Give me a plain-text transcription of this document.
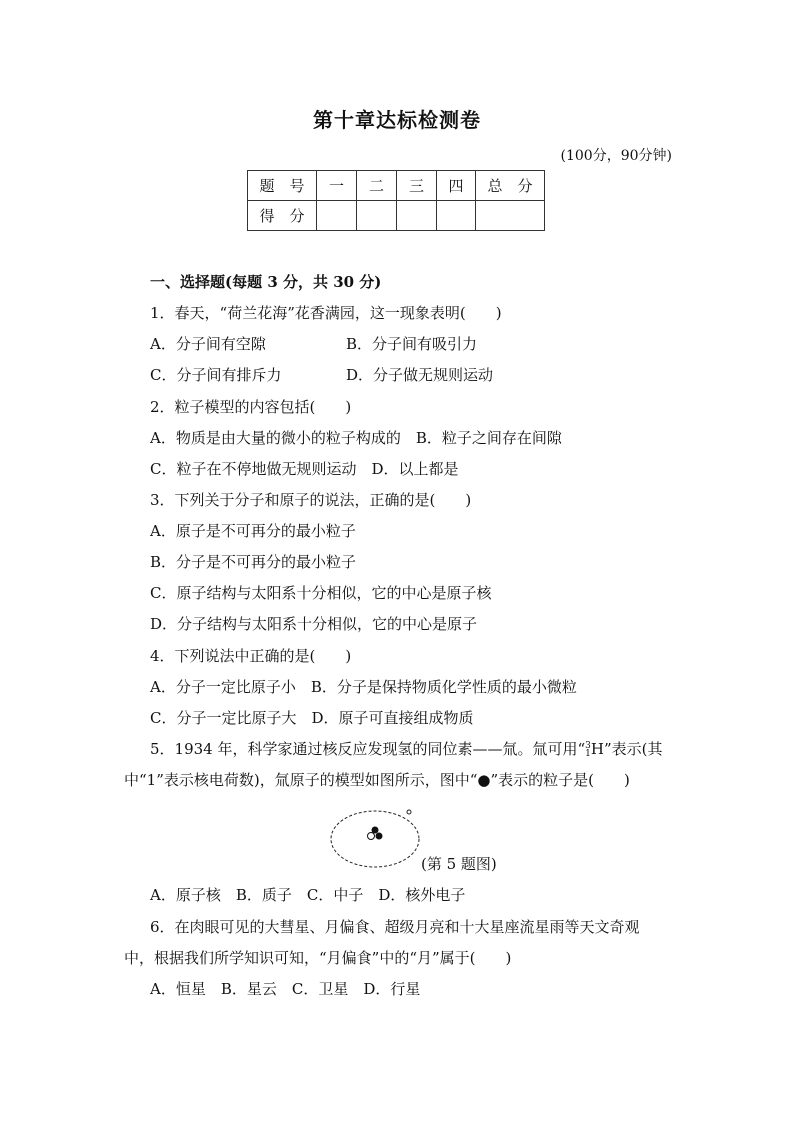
第十章达标检测卷
(100分，90分钟)
题　号	一	二	三	四	总　分
得　分					
一、选择题(每题 3 分，共 30 分)
1．春天，“荷兰花海”花香满园，这一现象表明(　　)
A．分子间有空隙	B．分子间有吸引力
C．分子间有排斥力	D．分子做无规则运动
2．粒子模型的内容包括(　　)
A．物质是由大量的微小的粒子构成的　B．粒子之间存在间隙
C．粒子在不停地做无规则运动　D．以上都是
3．下列关于分子和原子的说法，正确的是(　　)
A．原子是不可再分的最小粒子
B．分子是不可再分的最小粒子
C．原子结构与太阳系十分相似，它的中心是原子核
D．分子结构与太阳系十分相似，它的中心是原子
4．下列说法中正确的是(　　)
A．分子一定比原子小　B．分子是保持物质化学性质的最小微粒
C．分子一定比原子大　D．原子可直接组成物质
5．1934 年，科学家通过核反应发现氢的同位素——氚。氚可用“ 3
1 H”表示(其
中“1”表示核电荷数)，氚原子的模型如图所示，图中“●”表示的粒子是(　　)
(第 5 题图)
A．原子核　B．质子　C．中子　D．核外电子
6．在肉眼可见的大彗星、月偏食、超级月亮和十大星座流星雨等天文奇观
中，根据我们所学知识可知，“月偏食”中的“月”属于(　　)
A．恒星　B．星云　C．卫星　D．行星
